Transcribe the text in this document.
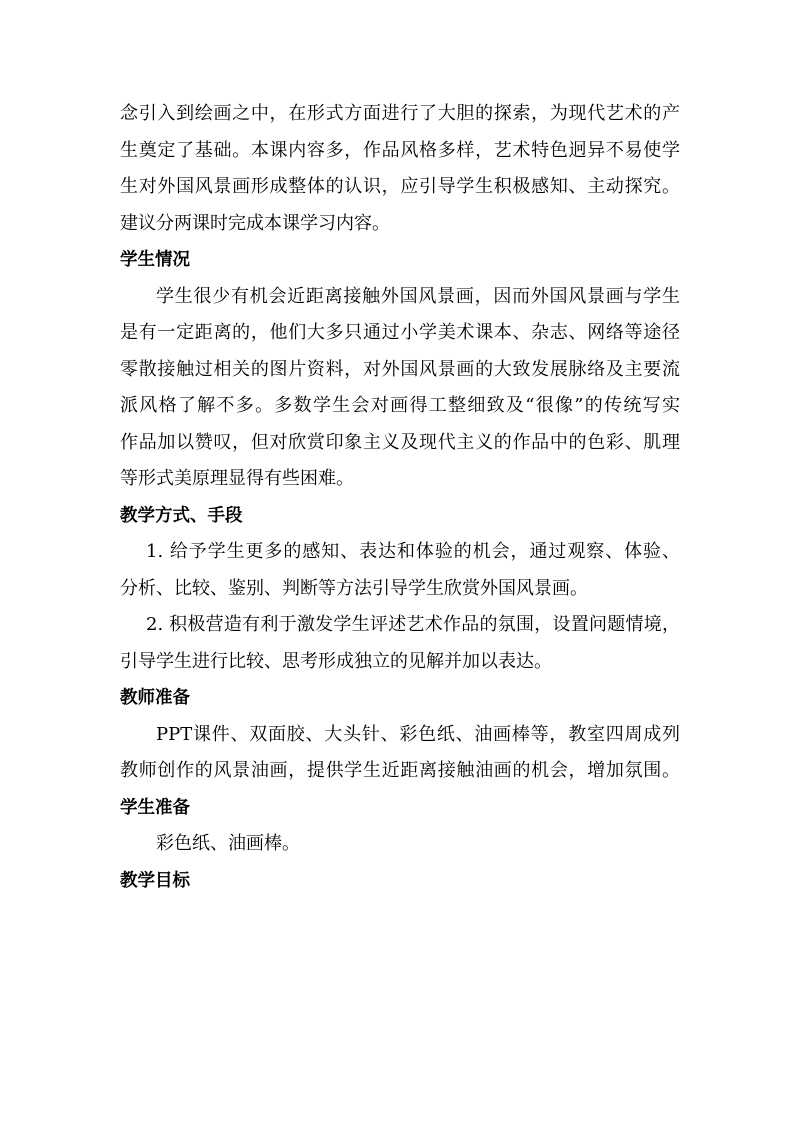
念引入到绘画之中，在形式方面进行了大胆的探索，为现代艺术的产
生奠定了基础。本课内容多，作品风格多样，艺术特色迥异不易使学
生对外国风景画形成整体的认识，应引导学生积极感知、主动探究。
建议分两课时完成本课学习内容。
学生情况
学生很少有机会近距离接触外国风景画，因而外国风景画与学生
是有一定距离的，他们大多只通过小学美术课本、杂志、网络等途径
零散接触过相关的图片资料，对外国风景画的大致发展脉络及主要流
派风格了解不多。多数学生会对画得工整细致及“很像”的传统写实
作品加以赞叹，但对欣赏印象主义及现代主义的作品中的色彩、肌理
等形式美原理显得有些困难。
教学方式、手段
1. 给予学生更多的感知、表达和体验的机会，通过观察、体验、
分析、比较、鉴别、判断等方法引导学生欣赏外国风景画。
2. 积极营造有利于激发学生评述艺术作品的氛围，设置问题情境，
引导学生进行比较、思考形成独立的见解并加以表达。
教师准备
PPT课件、双面胶、大头针、彩色纸、油画棒等，教室四周成列
教师创作的风景油画，提供学生近距离接触油画的机会，增加氛围。
学生准备
彩色纸、油画棒。
教学目标
